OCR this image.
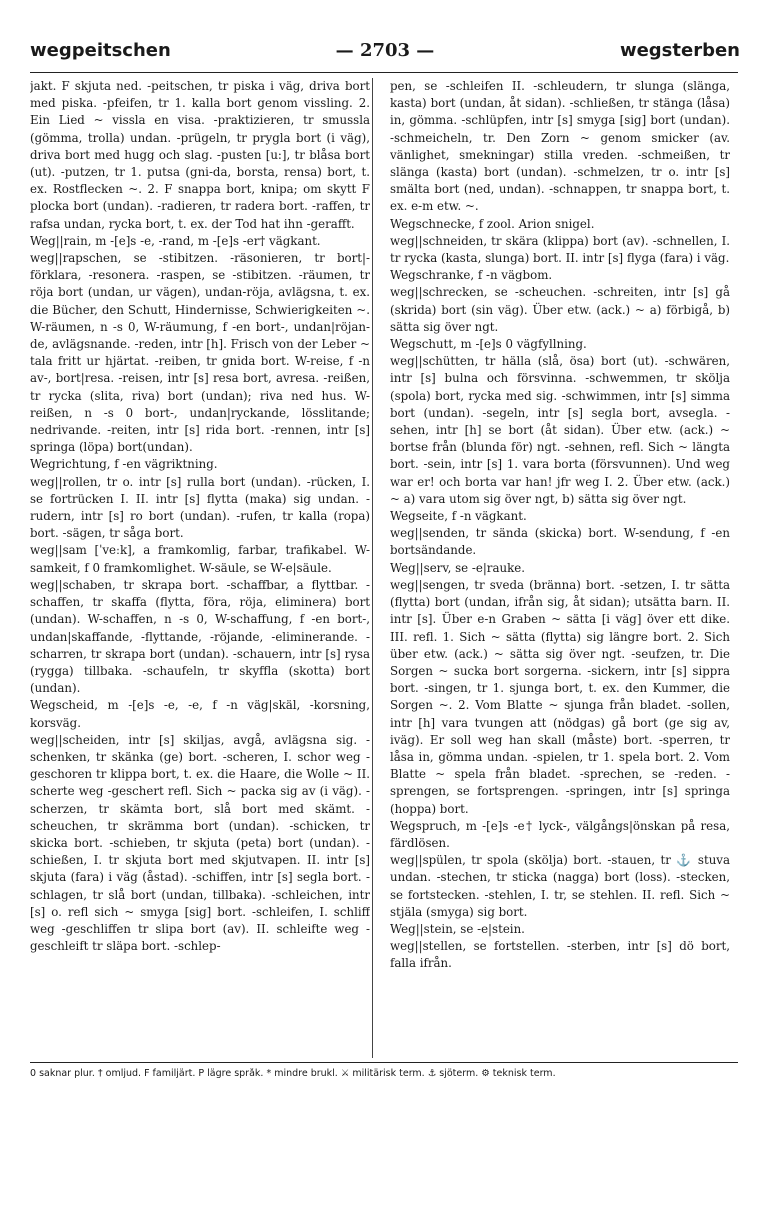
wegpeitschen	— 2703 —	wegsterben

jakt. F skjuta ned. -peitschen, tr piska i väg, driva bort med piska. -pfeifen, tr 1. kalla bort genom vissling. 2. Ein Lied ~ vissla en visa. -praktizieren, tr smussla (gömma, trolla) undan. -prügeln, tr prygla bort (i väg), driva bort med hugg och slag. -pusten [u:], tr blåsa bort (ut). -putzen, tr 1. putsa (gni-da, borsta, rensa) bort, t. ex. Rostflecken ~. 2. F snappa bort, knipa; om skytt F plocka bort (undan). -radieren, tr radera bort. -raffen, tr rafsa undan, rycka bort, t. ex. der Tod hat ihn -gerafft.

Weg||rain, m -[e]s -e, -rand, m -[e]s -er† vägkant.

weg||rapschen, se -stibitzen. -räsonieren, tr bort|-förklara, -resonera. -raspen, se -stibitzen. -räumen, tr röja bort (undan, ur vägen), undan-röja, avlägsna, t. ex. die Bücher, den Schutt, Hindernisse, Schwierigkeiten ~. W-räumen, n -s 0, W-räumung, f -en bort-, undan|röjan-de, avlägsnande. -reden, intr [h]. Frisch von der Leber ~ tala fritt ur hjärtat. -reiben, tr gnida bort. W-reise, f -n av-, bort|resa. -reisen, intr [s] resa bort, avresa. -reißen, tr rycka (slita, riva) bort (undan); riva ned hus. W-reißen, n -s 0 bort-, undan|ryckande, lösslitande; nedrivande. -reiten, intr [s] rida bort. -rennen, intr [s] springa (löpa) bort(undan).

Wegrichtung, f -en vägriktning.

weg||rollen, tr o. intr [s] rulla bort (undan). -rücken, I. se fortrücken I. II. intr [s] flytta (maka) sig undan. -rudern, intr [s] ro bort (undan). -rufen, tr kalla (ropa) bort. -sägen, tr såga bort.

weg||sam [ˈveːk], a framkomlig, farbar, trafikabel. W-samkeit, f 0 framkomlighet. W-säule, se W-e|säule.

weg||schaben, tr skrapa bort. -schaffbar, a flyttbar. -schaffen, tr skaffa (flytta, föra, röja, eliminera) bort (undan). W-schaffen, n -s 0, W-schaffung, f -en bort-, undan|skaffande, -flyttande, -röjande, -eliminerande. -scharren, tr skrapa bort (undan). -schauern, intr [s] rysa (rygga) tillbaka. -schaufeln, tr skyffla (skotta) bort (undan).

Wegscheid, m -[e]s -e, -e, f -n väg|skäl, -korsning, korsväg.

weg||scheiden, intr [s] skiljas, avgå, avlägsna sig. -schenken, tr skänka (ge) bort. -scheren, I. schor weg -geschoren tr klippa bort, t. ex. die Haare, die Wolle ~ II. scherte weg -geschert refl. Sich ~ packa sig av (i väg). -scherzen, tr skämta bort, slå bort med skämt. -scheuchen, tr skrämma bort (undan). -schicken, tr skicka bort. -schieben, tr skjuta (peta) bort (undan). -schießen, I. tr skjuta bort med skjutvapen. II. intr [s] skjuta (fara) i väg (åstad). -schiffen, intr [s] segla bort. -schlagen, tr slå bort (undan, tillbaka). -schleichen, intr [s] o. refl sich ~ smyga [sig] bort. -schleifen, I. schliff weg -geschliffen tr slipa bort (av). II. schleifte weg -geschleift tr släpa bort. -schlep-

pen, se -schleifen II. -schleudern, tr slunga (slänga, kasta) bort (undan, åt sidan). -schließen, tr stänga (låsa) in, gömma. -schlüpfen, intr [s] smyga [sig] bort (undan). -schmeicheln, tr. Den Zorn ~ genom smicker (av. vänlighet, smekningar) stilla vreden. -schmeißen, tr slänga (kasta) bort (undan). -schmelzen, tr o. intr [s] smälta bort (ned, undan). -schnappen, tr snappa bort, t. ex. e-m etw. ~.

Wegschnecke, f zool. Arion snigel.

weg||schneiden, tr skära (klippa) bort (av). -schnellen, I. tr rycka (kasta, slunga) bort. II. intr [s] flyga (fara) i väg.

Wegschranke, f -n vägbom.

weg||schrecken, se -scheuchen. -schreiten, intr [s] gå (skrida) bort (sin väg). Über etw. (ack.) ~ a) förbigå, b) sätta sig över ngt.

Wegschutt, m -[e]s 0 vägfyllning.

weg||schütten, tr hälla (slå, ösa) bort (ut). -schwären, intr [s] bulna och försvinna. -schwemmen, tr skölja (spola) bort, rycka med sig. -schwimmen, intr [s] simma bort (undan). -segeln, intr [s] segla bort, avsegla. -sehen, intr [h] se bort (åt sidan). Über etw. (ack.) ~ bortse från (blunda för) ngt. -sehnen, refl. Sich ~ längta bort. -sein, intr [s] 1. vara borta (försvunnen). Und weg war er! och borta var han! jfr weg I. 2. Über etw. (ack.) ~ a) vara utom sig över ngt, b) sätta sig över ngt.

Wegseite, f -n vägkant.

weg||senden, tr sända (skicka) bort. W-sendung, f -en bortsändande.

Weg||serv, se -e|rauke.

weg||sengen, tr sveda (bränna) bort. -setzen, I. tr sätta (flytta) bort (undan, ifrån sig, åt sidan); utsätta barn. II. intr [s]. Über e-n Graben ~ sätta [i väg] över ett dike. III. refl. 1. Sich ~ sätta (flytta) sig längre bort. 2. Sich über etw. (ack.) ~ sätta sig över ngt. -seufzen, tr. Die Sorgen ~ sucka bort sorgerna. -sickern, intr [s] sippra bort. -singen, tr 1. sjunga bort, t. ex. den Kummer, die Sorgen ~. 2. Vom Blatte ~ sjunga från bladet. -sollen, intr [h] vara tvungen att (nödgas) gå bort (ge sig av, iväg). Er soll weg han skall (måste) bort. -sperren, tr låsa in, gömma undan. -spielen, tr 1. spela bort. 2. Vom Blatte ~ spela från bladet. -sprechen, se -reden. -sprengen, se fortsprengen. -springen, intr [s] springa (hoppa) bort.

Wegspruch, m -[e]s -e† lyck-, välgångs|önskan på resa, färdlösen.

weg||spülen, tr spola (skölja) bort. -stauen, tr ⚓ stuva undan. -stechen, tr sticka (nagga) bort (loss). -stecken, se fortstecken. -stehlen, I. tr, se stehlen. II. refl. Sich ~ stjäla (smyga) sig bort.

Weg||stein, se -e|stein.

weg||stellen, se fortstellen. -sterben, intr [s] dö bort, falla ifrån.

0 saknar plur. † omljud. F familjärt. P lägre språk. * mindre brukl. ⚔ militärisk term. ⚓ sjöterm. ⚙ teknisk term.
